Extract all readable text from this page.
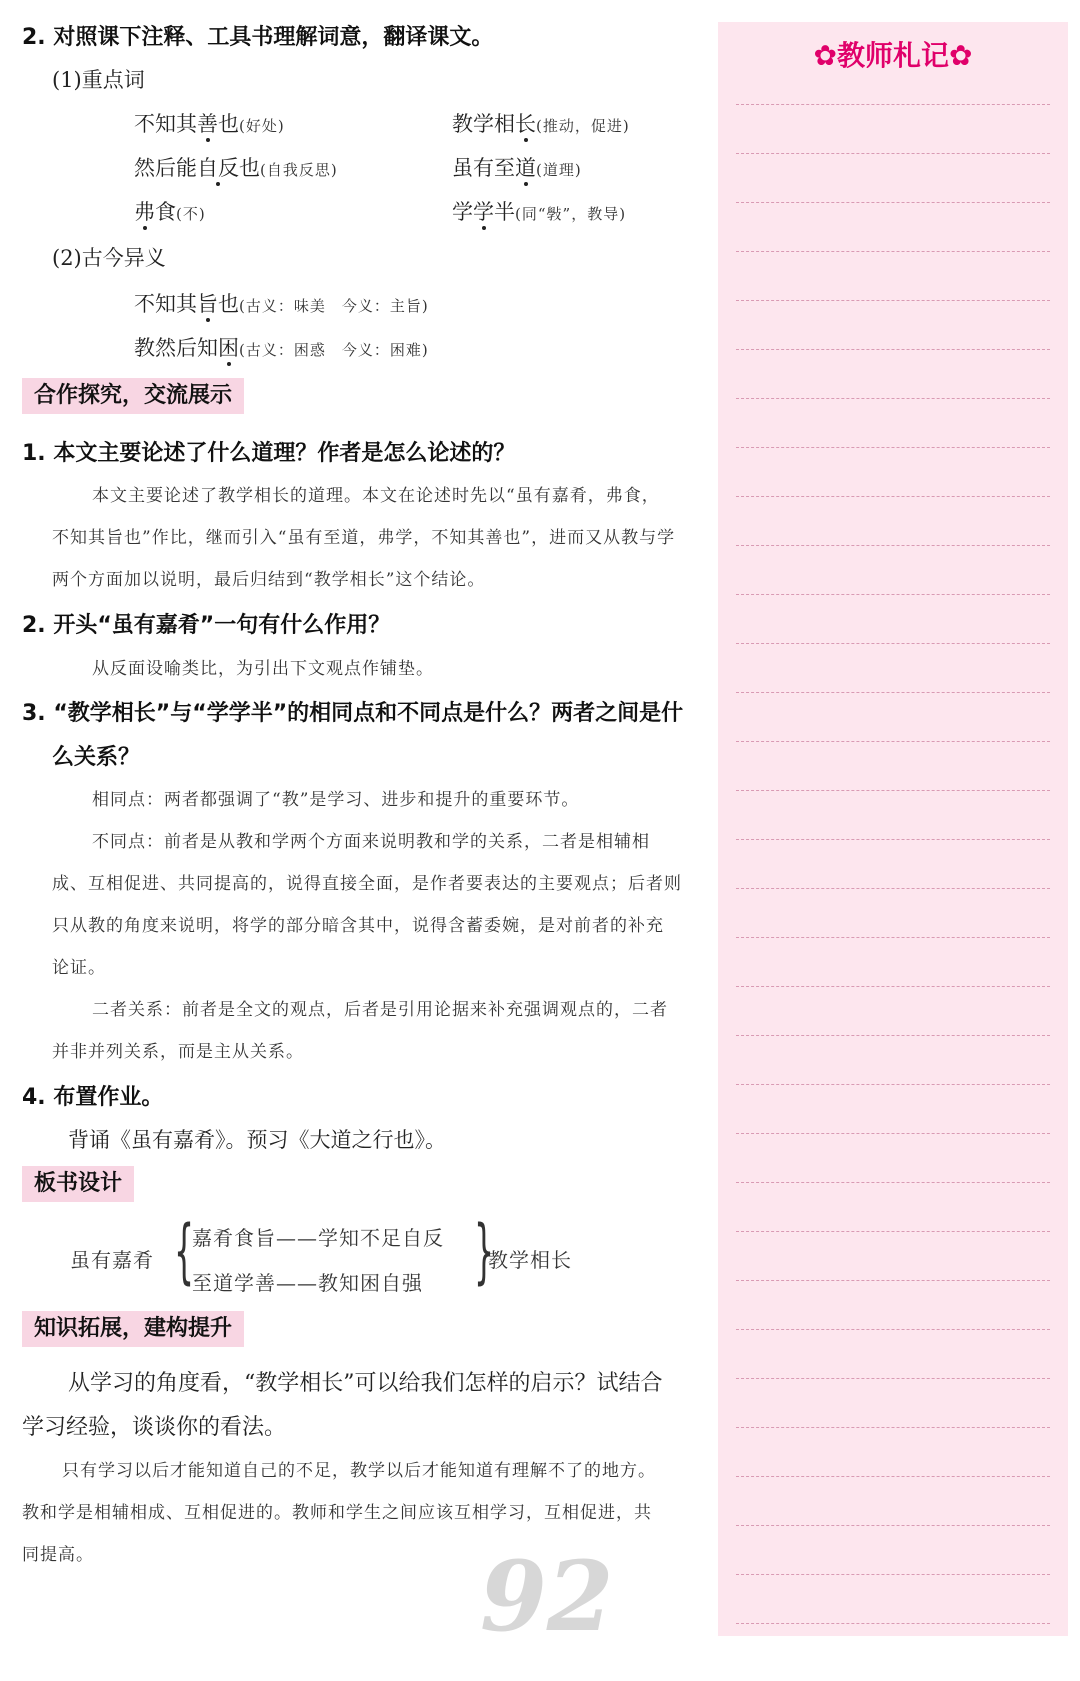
2. 对照课下注释、工具书理解词意，翻译课文。
(1)重点词
不知其善也(好处)	教学相长(推动，促进)
然后能自反也(自我反思)	虽有至道(道理)
弗食(不)	学学半(同“斅”，教导)
(2)古今异义
不知其旨也(古义：味美　今义：主旨)
教然后知困(古义：困惑　今义：困难)
合作探究，交流展示
1. 本文主要论述了什么道理？作者是怎么论述的？
本文主要论述了教学相长的道理。本文在论述时先以“虽有嘉肴，弗食，
不知其旨也”作比，继而引入“虽有至道，弗学，不知其善也”，进而又从教与学
两个方面加以说明，最后归结到“教学相长”这个结论。
2. 开头“虽有嘉肴”一句有什么作用？
从反面设喻类比，为引出下文观点作铺垫。
3. “教学相长”与“学学半”的相同点和不同点是什么？两者之间是什
么关系？
相同点：两者都强调了“教”是学习、进步和提升的重要环节。
不同点：前者是从教和学两个方面来说明教和学的关系，二者是相辅相
成、互相促进、共同提高的，说得直接全面，是作者要表达的主要观点；后者则
只从教的角度来说明，将学的部分暗含其中，说得含蓄委婉，是对前者的补充
论证。
二者关系：前者是全文的观点，后者是引用论据来补充强调观点的，二者
并非并列关系，而是主从关系。
4. 布置作业。
背诵《虽有嘉肴》。预习《大道之行也》。
板书设计
虽有嘉肴 {
嘉肴食旨——学知不足自反
至道学善——教知困自强 }
教学相长
知识拓展，建构提升
从学习的角度看，“教学相长”可以给我们怎样的启示？试结合
学习经验，谈谈你的看法。
只有学习以后才能知道自己的不足，教学以后才能知道有理解不了的地方。
教和学是相辅相成、互相促进的。教师和学生之间应该互相学习，互相促进，共
同提高。	92
✿教师札记✿
